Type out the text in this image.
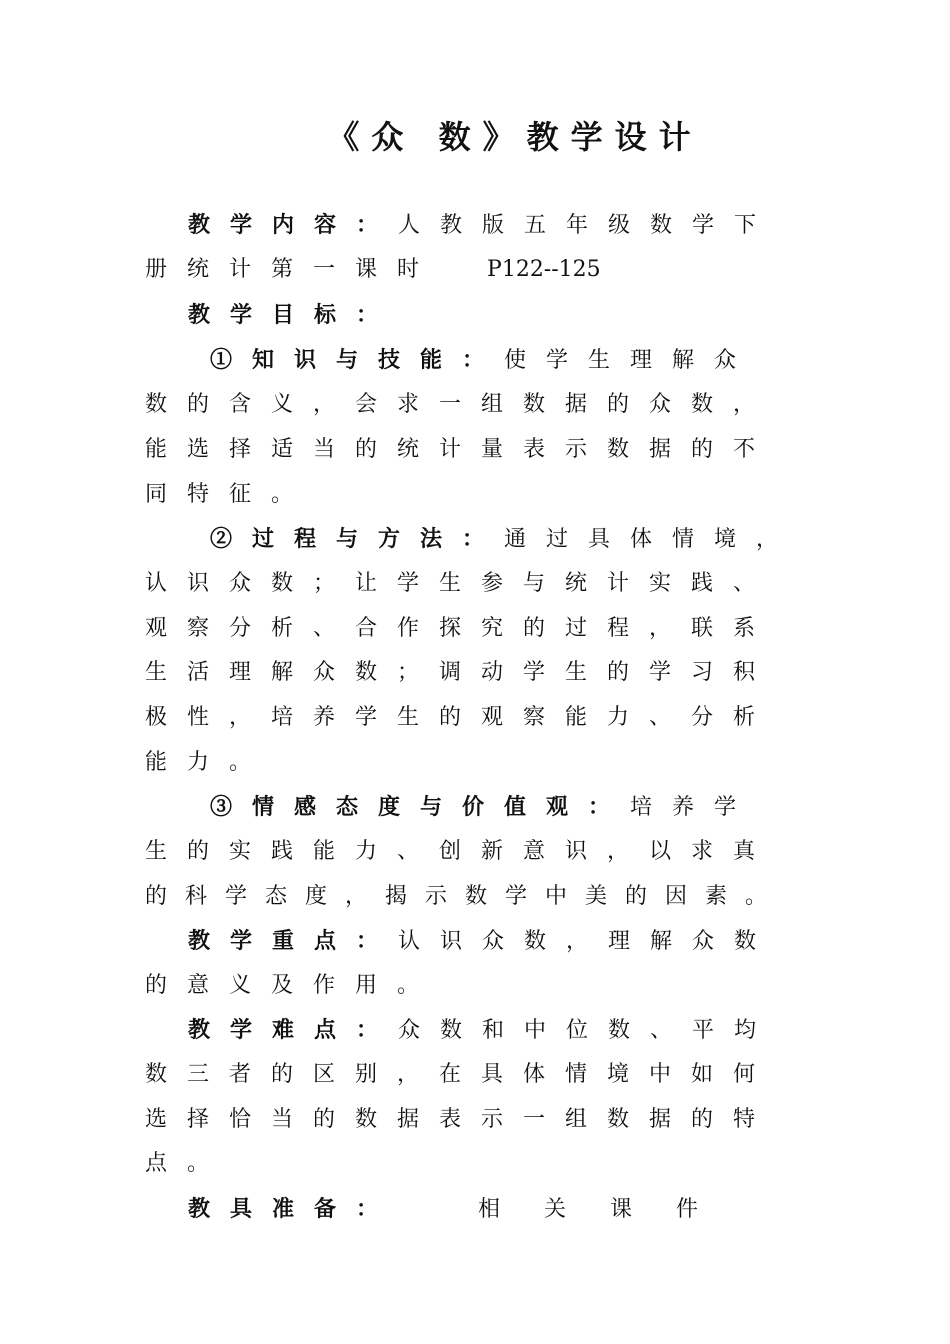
《众 数》教学设计
教学内容：人教版五年级数学下
册统计第一课时 P122--125
教学目标：
①知识与技能：使学生理解众
数的含义，会求一组数据的众数，
能选择适当的统计量表示数据的不
同特征。
②过程与方法：通过具体情境，
认识众数；让学生参与统计实践、
观察分析、合作探究的过程，联系
生活理解众数；调动学生的学习积
极性，培养学生的观察能力、分析
能力。
③情感态度与价值观：培养学
生的实践能力、创新意识，以求真
的科学态度，揭示数学中美的因素。
教学重点：认识众数，理解众数
的意义及作用。
教学难点：众数和中位数、平均
数三者的区别，在具体情境中如何
选择恰当的数据表示一组数据的特
点。
教具准备：	相关课件
